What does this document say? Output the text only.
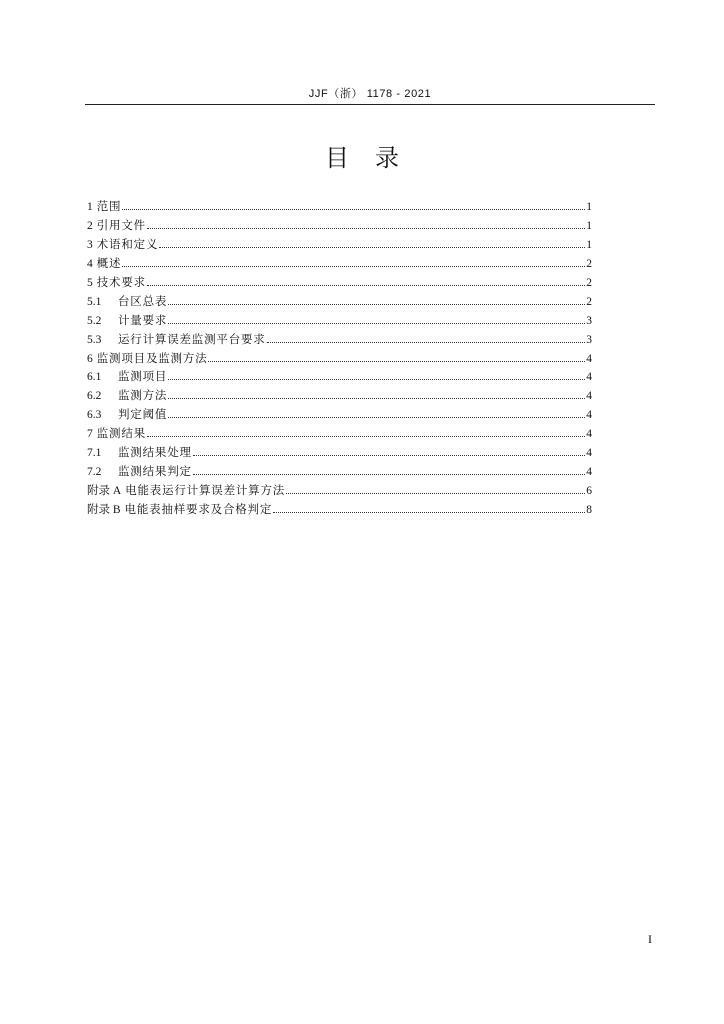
JJF（浙） 1178 - 2021
目 录
1 范围	1
2 引用文件	1
3 术语和定义	1
4 概述	2
5 技术要求	2
5.1	台区总表	2
5.2	计量要求	3
5.3	运行计算误差监测平台要求	3
6 监测项目及监测方法	4
6.1	监测项目	4
6.2	监测方法	4
6.3	判定阈值	4
7 监测结果	4
7.1	监测结果处理	4
7.2	监测结果判定	4
附录 A 电能表运行计算误差计算方法	6
附录 B 电能表抽样要求及合格判定	8
I
